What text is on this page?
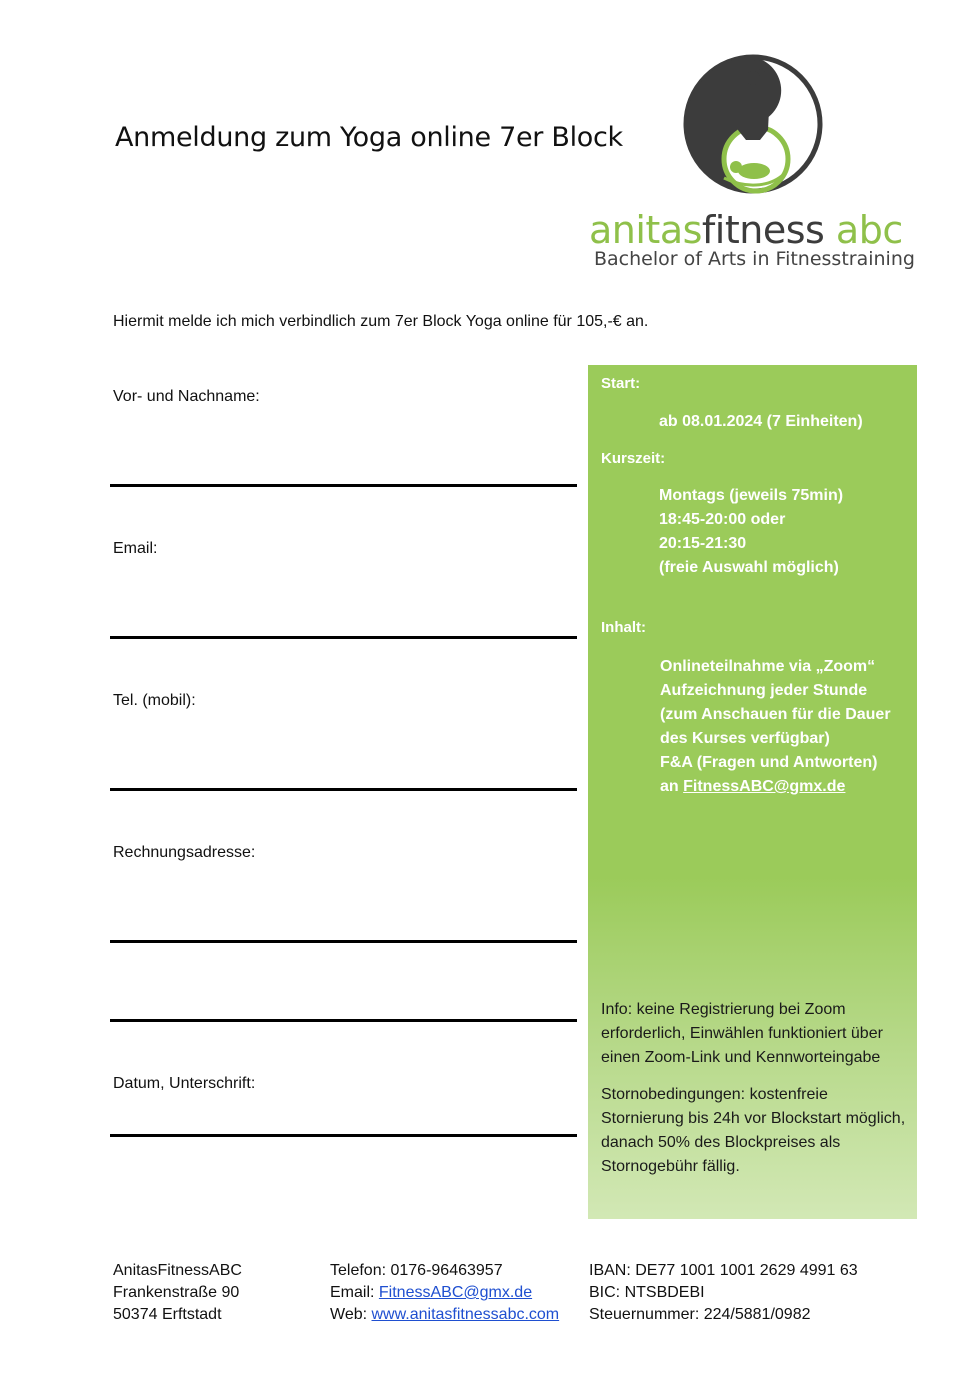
Anmeldung zum Yoga online 7er Block
anitasfitness abc
Bachelor of Arts in Fitnesstraining
Hiermit melde ich mich verbindlich zum 7er Block Yoga online für 105,-€ an.
Vor- und Nachname:
Email:
Tel. (mobil):
Rechnungsadresse:
Datum, Unterschrift:
Start:
ab 08.01.2024 (7 Einheiten)
Kurszeit:
Montags (jeweils 75min)
18:45-20:00 oder
20:15-21:30
(freie Auswahl möglich)
Inhalt:
Onlineteilnahme via „Zoom“
Aufzeichnung jeder Stunde
(zum Anschauen für die Dauer
des Kurses verfügbar)
F&A (Fragen und Antworten)
an FitnessABC@gmx.de
Info: keine Registrierung bei Zoom erforderlich, Einwählen funktioniert über einen Zoom-Link und Kennworteingabe
Stornobedingungen: kostenfreie Stornierung bis 24h vor Blockstart möglich, danach 50% des Blockpreises als Stornogebühr fällig.
AnitasFitnessABC
Frankenstraße 90
50374 Erftstadt
Telefon: 0176-96463957
Email: FitnessABC@gmx.de
Web: www.anitasfitnessabc.com
IBAN: DE77 1001 1001 2629 4991 63
BIC: NTSBDEBI
Steuernummer: 224/5881/0982
